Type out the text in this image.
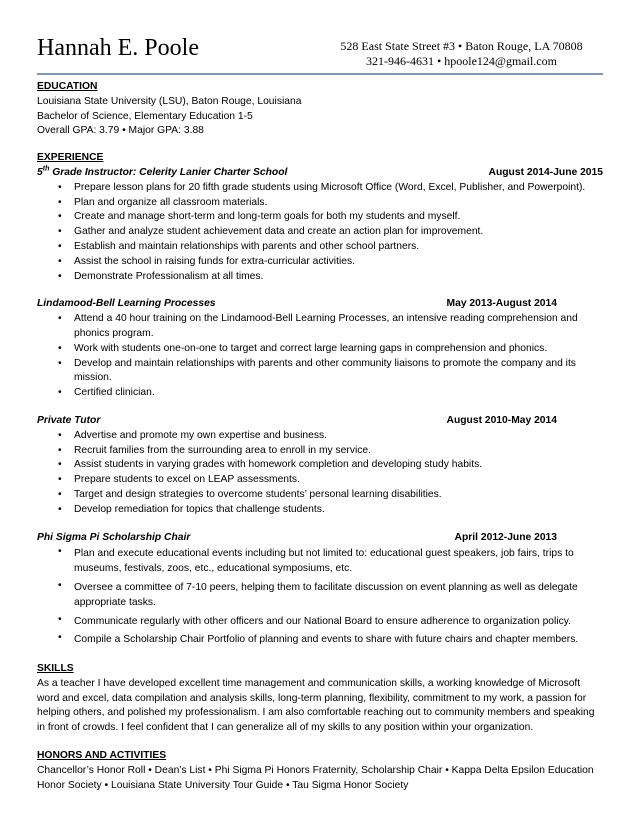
Hannah E. Poole	528 East State Street #3 • Baton Rouge, LA 70808
321-946-4631 • hpoole124@gmail.com

EDUCATION

Louisiana State University (LSU), Baton Rouge, Louisiana

Bachelor of Science, Elementary Education 1-5

Overall GPA: 3.79 • Major GPA: 3.88

EXPERIENCE

5th Grade Instructor: Celerity Lanier Charter School	August 2014-June 2015
• Prepare lesson plans for 20 fifth grade students using Microsoft Office (Word, Excel, Publisher, and Powerpoint).
• Plan and organize all classroom materials.
• Create and manage short-term and long-term goals for both my students and myself.
• Gather and analyze student achievement data and create an action plan for improvement.
• Establish and maintain relationships with parents and other school partners.
• Assist the school in raising funds for extra-curricular activities.
• Demonstrate Professionalism at all times.
Lindamood-Bell Learning Processes	May 2013-August 2014
• Attend a 40 hour training on the Lindamood-Bell Learning Processes, an intensive reading comprehension and phonics program.
• Work with students one-on-one to target and correct large learning gaps in comprehension and phonics.
• Develop and maintain relationships with parents and other community liaisons to promote the company and its mission.
• Certified clinician.
Private Tutor	August 2010-May 2014
• Advertise and promote my own expertise and business.
• Recruit families from the surrounding area to enroll in my service.
• Assist students in varying grades with homework completion and developing study habits.
• Prepare students to excel on LEAP assessments.
• Target and design strategies to overcome students’ personal learning disabilities.
• Develop remediation for topics that challenge students.
Phi Sigma Pi Scholarship Chair	April 2012-June 2013
• Plan and execute educational events including but not limited to: educational guest speakers, job fairs, trips to museums, festivals, zoos, etc., educational symposiums, etc.
• Oversee a committee of 7-10 peers, helping them to facilitate discussion on event planning as well as delegate appropriate tasks.
• Communicate regularly with other officers and our National Board to ensure adherence to organization policy.
• Compile a Scholarship Chair Portfolio of planning and events to share with future chairs and chapter members.

SKILLS

As a teacher I have developed excellent time management and communication skills, a working knowledge of Microsoft word and excel, data compilation and analysis skills, long-term planning, flexibility, commitment to my work, a passion for helping others, and polished my professionalism. I am also comfortable reaching out to community members and speaking in front of crowds. I feel confident that I can generalize all of my skills to any position within your organization.

HONORS AND ACTIVITIES

Chancellor’s Honor Roll • Dean’s List • Phi Sigma Pi Honors Fraternity, Scholarship Chair • Kappa Delta Epsilon Education Honor Society • Louisiana State University Tour Guide • Tau Sigma Honor Society
